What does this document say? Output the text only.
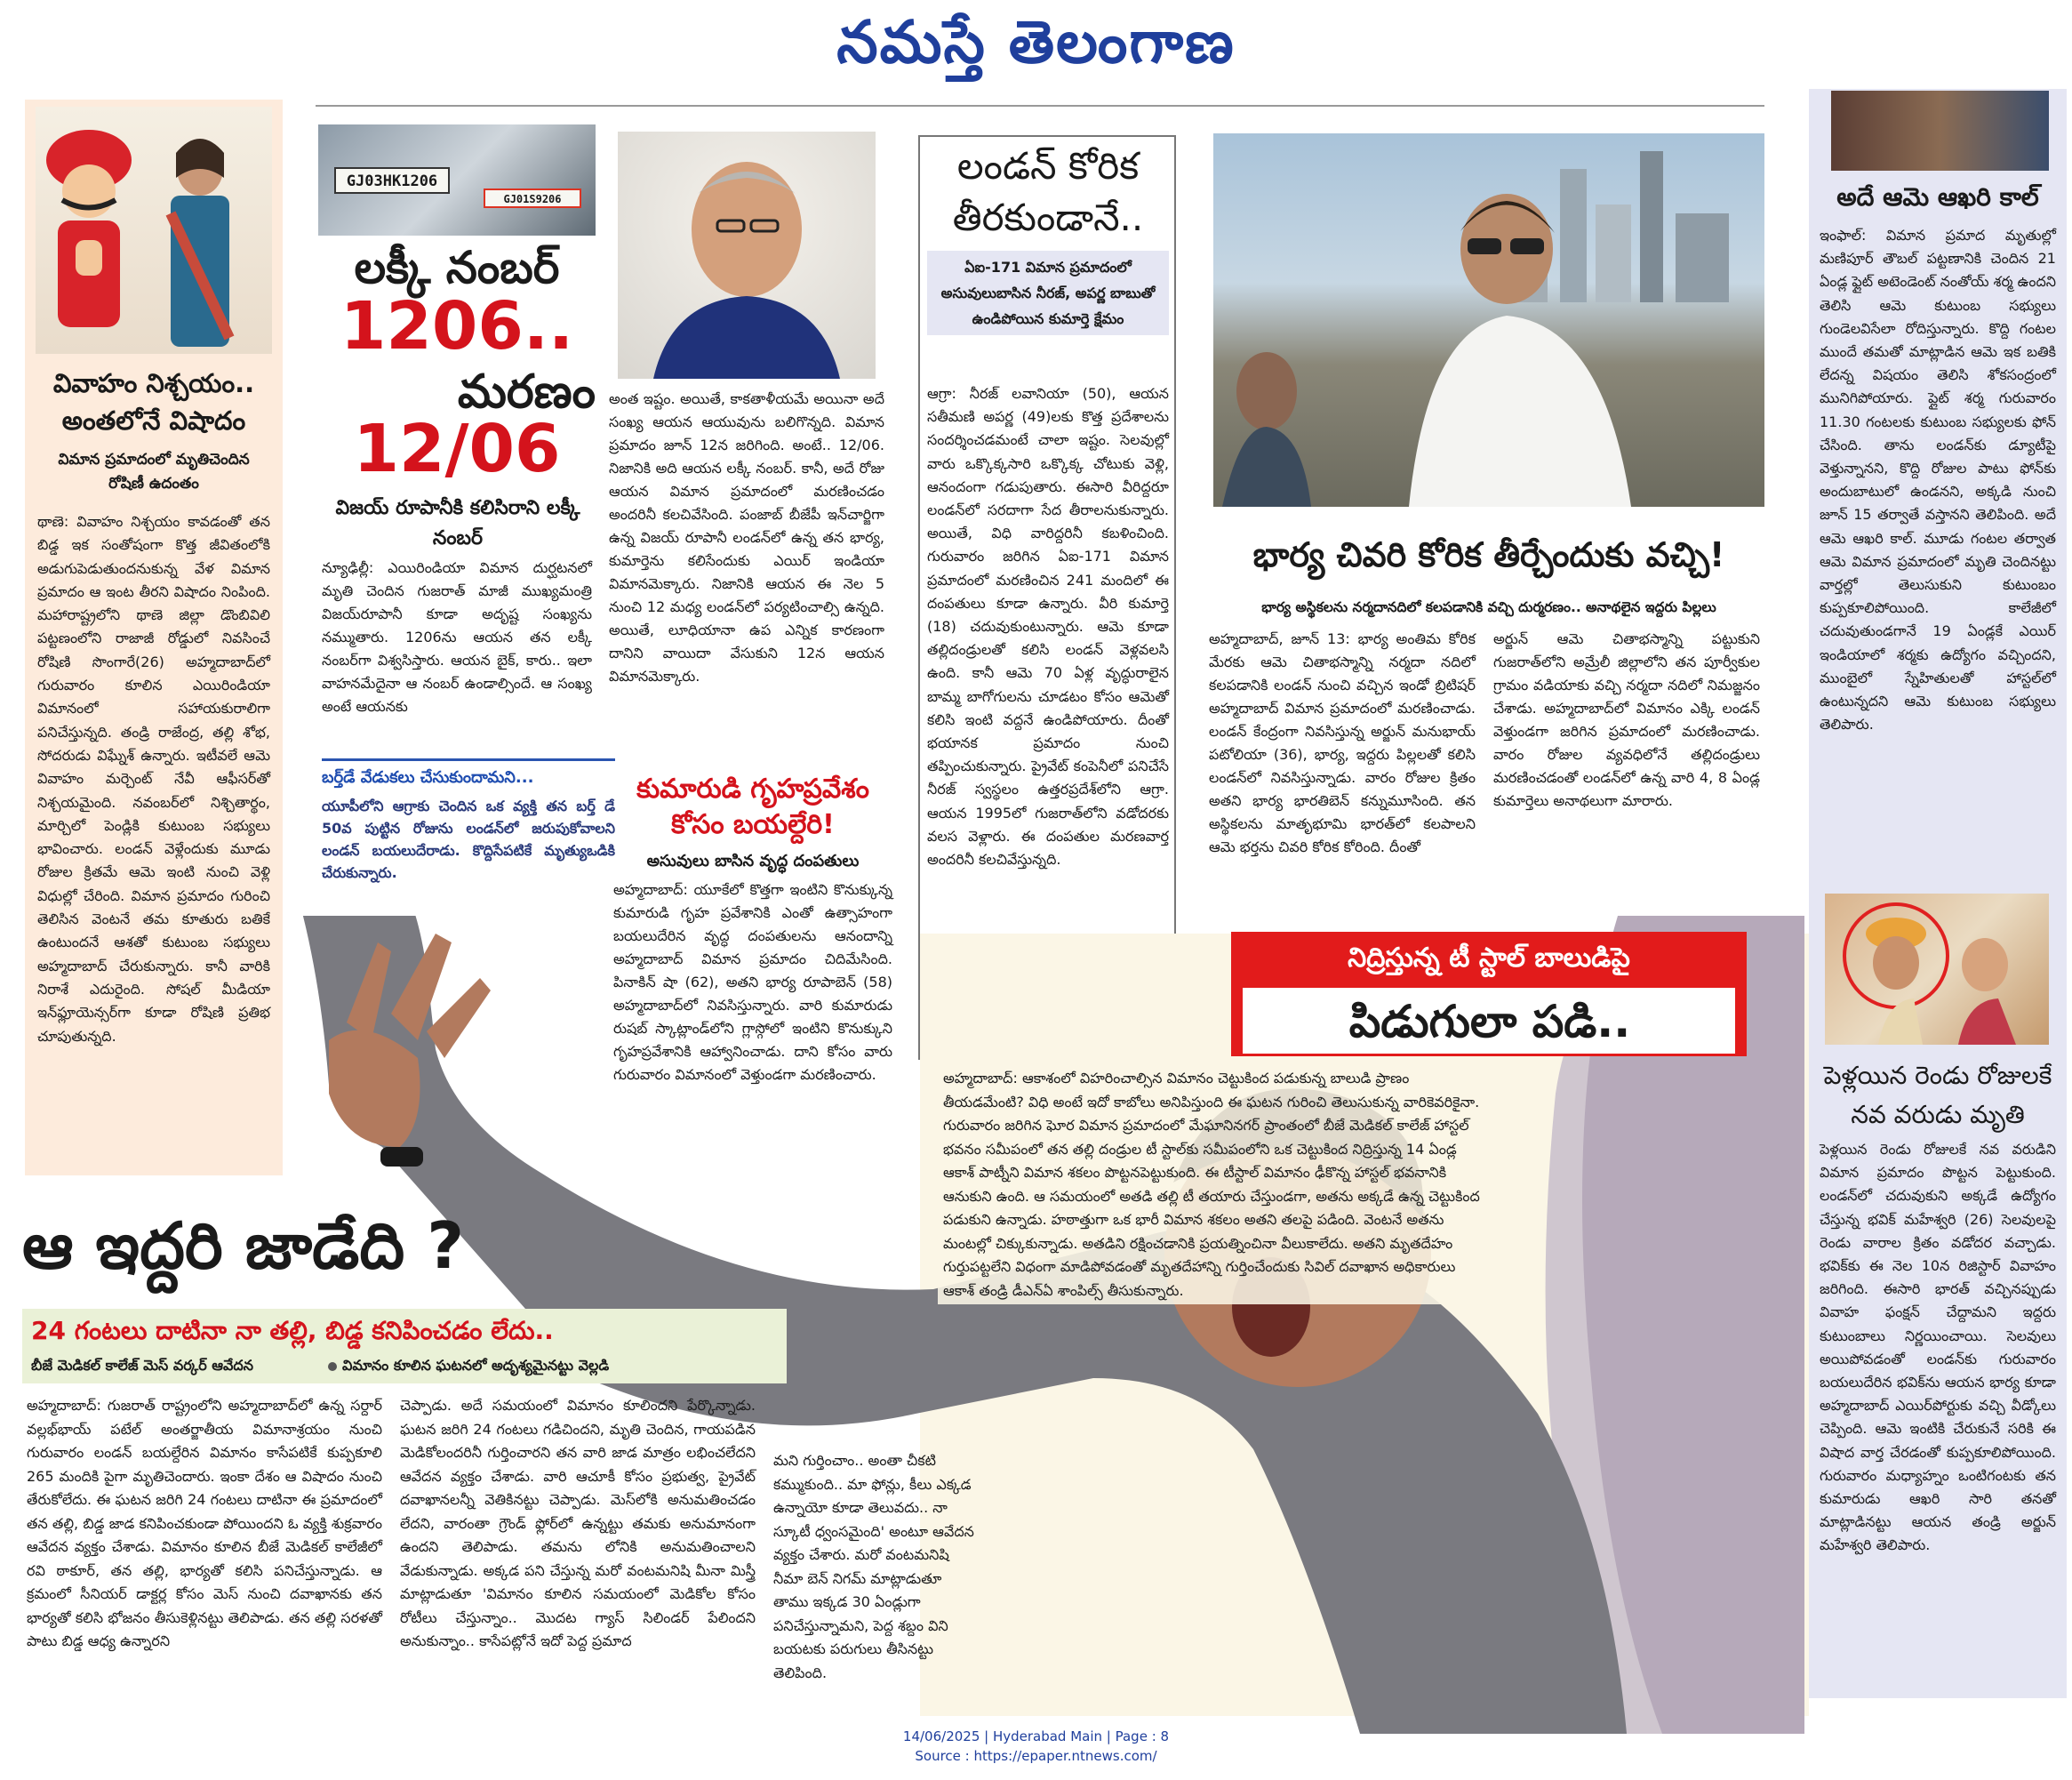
నమస్తే తెలంగాణ
వివాహం నిశ్చయం.. అంతలోనే విషాదం
విమాన ప్రమాదంలో మృతిచెందిన రోషిణీ ఉదంతం
థాణె: వివాహం నిశ్చయం కావడంతో తన బిడ్డ ఇక సంతోషంగా కొత్త జీవితంలోకి అడుగుపెడుతుందనుకున్న వేళ విమాన ప్రమాదం ఆ ఇంట తీరని విషాదం నింపింది. మహారాష్ట్రలోని థాణె జిల్లా డొంబివిలి పట్టణంలోని రాజాజీ రోడ్డులో నివసించే రోషిణి సొంగారే(26) అహ్మదాబాద్‌లో గురువారం కూలిన ఎయిరిండియా విమానంలో సహాయకురాలిగా పనిచేస్తున్నది. తండ్రి రాజేంద్ర, తల్లి శోభ, సోదరుడు విఘ్నేశ్ ఉన్నారు. ఇటీవలే ఆమె వివాహం మర్చెంట్ నేవీ ఆఫీసర్‌తో నిశ్చయమైంది. నవంబర్‌లో నిశ్చితార్థం, మార్చిలో పెండ్లికి కుటుంబ సభ్యులు భావించారు. లండన్ వెళ్లేందుకు మూడు రోజుల క్రితమే ఆమె ఇంటి నుంచి వెళ్లి విధుల్లో చేరింది. విమాన ప్రమాదం గురించి తెలిసిన వెంటనే తమ కూతురు బతికే ఉంటుందనే ఆశతో కుటుంబ సభ్యులు అహ్మదాబాద్ చేరుకున్నారు. కానీ వారికి నిరాశే ఎదురైంది. సోషల్ మీడియా ఇన్‌ఫ్లూయెన్సర్‌గా కూడా రోషిణి ప్రతిభ చూపుతున్నది.
GJ03HK1206
GJ01S9206
లక్కీ నంబర్
1206..
మరణం
12/06
విజయ్ రూపానీకి కలిసిరాని లక్కీ నంబర్
న్యూఢిల్లీ: ఎయిరిండియా విమాన దుర్ఘటనలో మృతి చెందిన గుజరాత్ మాజీ ముఖ్యమంత్రి విజయ్‌రూపానీ కూడా అదృష్ట సంఖ్యను నమ్ముతారు. 1206ను ఆయన తన లక్కీ నంబర్‌గా విశ్వసిస్తారు. ఆయన బైక్, కారు.. ఇలా వాహనమేదైనా ఆ నంబర్ ఉండాల్సిందే. ఆ సంఖ్య అంటే ఆయనకు
అంత ఇష్టం. అయితే, కాకతాళీయమే అయినా అదే సంఖ్య ఆయన ఆయువును బలిగొన్నది. విమాన ప్రమాదం జూన్ 12న జరిగింది. అంటే.. 12/06. నిజానికి అది ఆయన లక్కీ నంబర్. కానీ, అదే రోజు ఆయన విమాన ప్రమాదంలో మరణించడం అందరినీ కలచివేసింది. పంజాబ్ బీజేపీ ఇన్‌చార్జిగా ఉన్న విజయ్ రూపానీ లండన్‌లో ఉన్న తన భార్య, కుమార్తెను కలిసేందుకు ఎయిర్ ఇండియా విమానమెక్కారు. నిజానికి ఆయన ఈ నెల 5 నుంచి 12 మధ్య లండన్‌లో పర్యటించాల్సి ఉన్నది. అయితే, లూధియానా ఉప ఎన్నిక కారణంగా దానిని వాయిదా వేసుకుని 12న ఆయన విమానమెక్కారు.
బర్త్‌డే వేడుకలు చేసుకుందామని...
యూపీలోని ఆగ్రాకు చెందిన ఒక వ్యక్తి తన బర్త్ డే 50వ పుట్టిన రోజును లండన్‌లో జరుపుకోవాలని లండన్ బయలుదేరాడు. కొద్దిసేపటికే మృత్యుఒడికి చేరుకున్నారు.
కుమారుడి గృహప్రవేశం కోసం బయల్దేరి!
అసువులు బాసిన వృద్ధ దంపతులు
అహ్మదాబాద్: యూకేలో కొత్తగా ఇంటిని కొనుక్కున్న కుమారుడి గృహ ప్రవేశానికి ఎంతో ఉత్సాహంగా బయలుదేరిన వృద్ధ దంపతులను ఆనందాన్ని అహ్మదాబాద్ విమాన ప్రమాదం చిదిమేసింది. పినాకిన్ షా (62), అతని భార్య రూపాబెన్ (58) అహ్మదాబాద్‌లో నివసిస్తున్నారు. వారి కుమారుడు రుషబ్ స్కాట్లాండ్‌లోని గ్లాస్గోలో ఇంటిని కొనుక్కుని గృహప్రవేశానికి ఆహ్వానించాడు. దాని కోసం వారు గురువారం విమానంలో వెళ్తుండగా మరణించారు.
లండన్ కోరిక తీరకుండానే..
ఏఐ-171 విమాన ప్రమాదంలో అసువులుబాసిన నీరజ్, అపర్ణ బాబుతో ఉండిపోయిన కుమార్తె క్షేమం
ఆగ్రా: నీరజ్ లవానియా (50), ఆయన సతీమణి అపర్ణ (49)లకు కొత్త ప్రదేశాలను సందర్శించడమంటే చాలా ఇష్టం. సెలవుల్లో వారు ఒక్కొక్కసారి ఒక్కొక్క చోటుకు వెళ్లి, ఆనందంగా గడుపుతారు. ఈసారి వీరిద్దరూ లండన్‌లో సరదాగా సేద తీరాలనుకున్నారు. అయితే, విధి వారిద్దరినీ కబళించింది. గురువారం జరిగిన ఏఐ-171 విమాన ప్రమాదంలో మరణించిన 241 మందిలో ఈ దంపతులు కూడా ఉన్నారు. వీరి కుమార్తె (18) చదువుకుంటున్నారు. ఆమె కూడా తల్లిదండ్రులతో కలిసి లండన్ వెళ్లవలసి ఉంది. కానీ ఆమె 70 ఏళ్ల వృద్ధురాలైన బామ్మ బాగోగులను చూడటం కోసం ఆమెతో కలిసి ఇంటి వద్దనే ఉండిపోయారు. దీంతో భయానక ప్రమాదం నుంచి తప్పించుకున్నారు. ప్రైవేట్ కంపెనీలో పనిచేసే నీరజ్ స్వస్థలం ఉత్తరప్రదేశ్‌లోని ఆగ్రా. ఆయన 1995లో గుజరాత్‌లోని వడోదరకు వలస వెళ్లారు. ఈ దంపతుల మరణవార్త అందరినీ కలచివేస్తున్నది.
భార్య చివరి కోరిక తీర్చేందుకు వచ్చి!
భార్య అస్థికలను నర్మదానదిలో కలపడానికి వచ్చి దుర్మరణం.. అనాథలైన ఇద్దరు పిల్లలు
అహ్మదాబాద్, జూన్ 13: భార్య అంతిమ కోరిక మేరకు ఆమె చితాభస్మాన్ని నర్మదా నదిలో కలపడానికి లండన్ నుంచి వచ్చిన ఇండో బ్రిటిషర్ అహ్మదాబాద్ విమాన ప్రమాదంలో మరణించాడు. లండన్ కేంద్రంగా నివసిస్తున్న అర్జున్ మనుభాయ్ పటోలియా (36), భార్య, ఇద్దరు పిల్లలతో కలిసి లండన్‌లో నివసిస్తున్నాడు. వారం రోజుల క్రితం అతని భార్య భారతిబెన్ కన్నుమూసింది. తన అస్థికలను మాతృభూమి భారత్‌లో కలపాలని ఆమె భర్తను చివరి కోరిక కోరింది. దీంతో
అర్జున్ ఆమె చితాభస్మాన్ని పట్టుకుని గుజరాత్‌లోని అమ్రేలీ జిల్లాలోని తన పూర్వీకుల గ్రామం వడియాకు వచ్చి నర్మదా నదిలో నిమజ్జనం చేశాడు. అహ్మదాబాద్‌లో విమానం ఎక్కి లండన్ వెళ్తుండగా జరిగిన ప్రమాదంలో మరణించాడు. వారం రోజుల వ్యవధిలోనే తల్లిదండ్రులు మరణించడంతో లండన్‌లో ఉన్న వారి 4, 8 ఏండ్ల కుమార్తెలు అనాథలుగా మారారు.
నిద్రిస్తున్న టీ స్టాల్ బాలుడిపై
పిడుగులా పడి..
అహ్మదాబాద్: ఆకాశంలో విహరించాల్సిన విమానం చెట్టుకింద పడుకున్న బాలుడి ప్రాణం తీయడమేంటి? విధి అంటే ఇదో కాబోలు అనిపిస్తుంది ఈ ఘటన గురించి తెలుసుకున్న వారికెవరికైనా. గురువారం జరిగిన ఘోర విమాన ప్రమాదంలో మేఘానినగర్ ప్రాంతంలో బీజే మెడికల్ కాలేజ్ హాస్టల్ భవనం సమీపంలో తన తల్లి దండ్రుల టీ స్టాల్‌కు సమీపంలోని ఒక చెట్టుకింద నిద్రిస్తున్న 14 ఏండ్ల ఆకాశ్ పాట్నీని విమాన శకలం పొట్టనపెట్టుకుంది. ఈ టీస్టాల్ విమానం ఢీకొన్న హాస్టల్ భవనానికి ఆనుకుని ఉంది. ఆ సమయంలో అతడి తల్లి టీ తయారు చేస్తుండగా, అతను అక్కడే ఉన్న చెట్టుకింద పడుకుని ఉన్నాడు. హఠాత్తుగా ఒక భారీ విమాన శకలం అతని తలపై పడింది. వెంటనే అతను మంటల్లో చిక్కుకున్నాడు. అతడిని రక్షించడానికి ప్రయత్నించినా వీలుకాలేదు. అతని మృతదేహం గుర్తుపట్టలేని విధంగా మాడిపోవడంతో మృతదేహాన్ని గుర్తించేందుకు సివిల్ దవాఖాన అధికారులు ఆకాశ్ తండ్రి డీఎన్‌ఏ శాంపిల్స్ తీసుకున్నారు.
ఆ ఇద్దరి జాడేది ?
24 గంటలు దాటినా నా తల్లి, బిడ్డ కనిపించడం లేదు..
బీజే మెడికల్ కాలేజ్ మెస్ వర్కర్ ఆవేదన	విమానం కూలిన ఘటనలో అదృశ్యమైనట్టు వెల్లడి
అహ్మదాబాద్: గుజరాత్ రాష్ట్రంలోని అహ్మదాబాద్‌లో ఉన్న సర్దార్ వల్లభ్‌భాయ్ పటేల్ అంతర్జాతీయ విమానాశ్రయం నుంచి గురువారం లండన్ బయల్దేరిన విమానం కాసేపటికే కుప్పకూలి 265 మందికి పైగా మృతిచెందారు. ఇంకా దేశం ఆ విషాదం నుంచి తేరుకోలేదు. ఈ ఘటన జరిగి 24 గంటలు దాటినా ఈ ప్రమాదంలో తన తల్లి, బిడ్డ జాడ కనిపించకుండా పోయిందని ఓ వ్యక్తి శుక్రవారం ఆవేదన వ్యక్తం చేశాడు. విమానం కూలిన బీజే మెడికల్ కాలేజీలో రవి ఠాకూర్, తన తల్లి, భార్యతో కలిసి పనిచేస్తున్నాడు. ఆ క్రమంలో సీనియర్ డాక్టర్ల కోసం మెస్ నుంచి దవాఖానకు తన భార్యతో కలిసి భోజనం తీసుకెళ్లినట్టు తెలిపాడు. తన తల్లి సరళతో పాటు బిడ్డ ఆధ్య ఉన్నారని
చెప్పాడు. అదే సమయంలో విమానం కూలిందని పేర్కొన్నాడు. ఘటన జరిగి 24 గంటలు గడిచిందని, మృతి చెందిన, గాయపడిన మెడికోలందరినీ గుర్తించారని తన వారి జాడ మాత్రం లభించలేదని ఆవేదన వ్యక్తం చేశాడు. వారి ఆచూకీ కోసం ప్రభుత్వ, ప్రైవేట్ దవాఖానలన్నీ వెతికినట్టు చెప్పాడు. మెస్‌లోకి అనుమతించడం లేదని, వారంతా గ్రౌండ్ ఫ్లోర్‌లో ఉన్నట్టు తమకు అనుమానంగా ఉందని తెలిపాడు. తమను లోనికి అనుమతించాలని వేడుకున్నాడు. అక్కడ పని చేస్తున్న మరో వంటమనిషి మీనా మిస్త్రీ మాట్లాడుతూ 'విమానం కూలిన సమయంలో మెడికోల కోసం రోటీలు చేస్తున్నాం.. మొదట గ్యాస్ సిలిండర్ పేలిందని అనుకున్నాం.. కాసేపట్లోనే ఇదో పెద్ద ప్రమాద
మని గుర్తించాం.. అంతా చీకటి కమ్ముకుంది.. మా ఫోన్లు, కీలు ఎక్కడ ఉన్నాయో కూడా తెలువదు.. నా స్కూటీ ధ్వంసమైంది' అంటూ ఆవేదన వ్యక్తం చేశారు. మరో వంటమనిషి నీమా బెన్ నిగమ్ మాట్లాడుతూ తాము ఇక్కడ 30 ఏండ్లుగా పనిచేస్తున్నామని, పెద్ద శబ్దం విని బయటకు పరుగులు తీసినట్టు తెలిపింది.
అదే ఆమె ఆఖరి కాల్
ఇంఫాల్: విమాన ప్రమాద మృతుల్లో మణిపూర్ తౌబల్ పట్టణానికి చెందిన 21 ఏండ్ల ఫ్లైట్ అటెండెంట్ నంతోయ్ శర్మ ఉందని తెలిసి ఆమె కుటుంబ సభ్యులు గుండెలవిసేలా రోదిస్తున్నారు. కొద్ది గంటల ముందే తమతో మాట్లాడిన ఆమె ఇక బతికి లేదన్న విషయం తెలిసి శోకసంద్రంలో మునిగిపోయారు. ప్లైట్ శర్మ గురువారం 11.30 గంటలకు కుటుంబ సభ్యులకు ఫోన్ చేసింది. తాను లండన్‌కు డ్యూటీపై వెళ్తున్నానని, కొద్ది రోజుల పాటు ఫోన్‌కు అందుబాటులో ఉండనని, అక్కడి నుంచి జూన్ 15 తర్వాతే వస్తానని తెలిపింది. అదే ఆమె ఆఖరి కాల్. మూడు గంటల తర్వాత ఆమె విమాన ప్రమాదంలో మృతి చెందినట్టు వార్తల్లో తెలుసుకుని కుటుంబం కుప్పకూలిపోయింది. కాలేజీలో చదువుతుండగానే 19 ఏండ్లకే ఎయిర్ ఇండియాలో శర్మకు ఉద్యోగం వచ్చిందని, ముంబైలో స్నేహితులతో హాస్టల్‌లో ఉంటున్నదని ఆమె కుటుంబ సభ్యులు తెలిపారు.
పెళ్లయిన రెండు రోజులకే నవ వరుడు మృతి
పెళ్లయిన రెండు రోజులకే నవ వరుడిని విమాన ప్రమాదం పొట్టన పెట్టుకుంది. లండన్‌లో చదువుకుని అక్కడే ఉద్యోగం చేస్తున్న భవిక్ మహేశ్వరి (26) సెలవులపై రెండు వారాల క్రితం వడోదర వచ్చాడు. భవిక్‌కు ఈ నెల 10న రిజిస్టార్ వివాహం జరిగింది. ఈసారి భారత్ వచ్చినప్పుడు వివాహ ఫంక్షన్ చేద్దామని ఇద్దరు కుటుంబాలు నిర్ణయించాయి. సెలవులు అయిపోవడంతో లండన్‌కు గురువారం బయలుదేరిన భవిక్‌ను ఆయన భార్య కూడా అహ్మదాబాద్ ఎయిర్‌పోర్టుకు వచ్చి వీడ్కోలు చెప్పింది. ఆమె ఇంటికి చేరుకునే సరికి ఈ విషాద వార్త చేరడంతో కుప్పకూలిపోయింది. గురువారం మధ్యాహ్నం ఒంటిగంటకు తన కుమారుడు ఆఖరి సారి తనతో మాట్లాడినట్టు ఆయన తండ్రి అర్జున్ మహేశ్వరి తెలిపారు.
14/06/2025 | Hyderabad Main | Page : 8
Source : https://epaper.ntnews.com/
